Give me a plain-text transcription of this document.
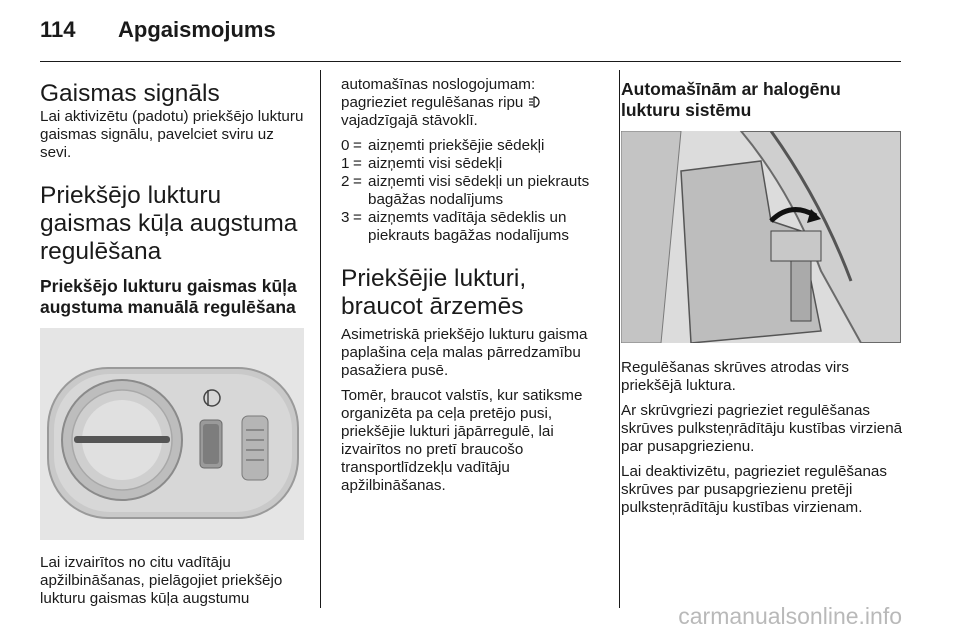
114 Apgaismojums
Gaismas signāls

Lai aktivizētu (padotu) priekšējo lukturu gaismas signālu, pavelciet sviru uz sevi.

Priekšējo lukturu gaismas kūļa augstuma regulēšana
Priekšējo lukturu gaismas kūļa augstuma manuālā regulēšana

Lai izvairītos no citu vadītāju apžilbināšanas, pielāgojiet priekšējo lukturu gaismas kūļa augstumu

automašīnas noslogojumam:
pagrieziet regulēšanas ripu
vajadzīgajā stāvoklī.

0 = aizņemti priekšējie sēdekļi
1 = aizņemti visi sēdekļi
2 = aizņemti visi sēdekļi un piekrauts bagāžas nodalījums
3 = aizņemts vadītāja sēdeklis un piekrauts bagāžas nodalījums
Priekšējie lukturi, braucot ārzemēs

Asimetriskā priekšējo lukturu gaisma paplašina ceļa malas pārredzamību pasažiera pusē.

Tomēr, braucot valstīs, kur satiksme organizēta pa ceļa pretējo pusi, priekšējie lukturi jāpārregulē, lai izvairītos no pretī braucošo transportlīdzekļu vadītāju apžilbināšanas.

Automašīnām ar halogēnu lukturu sistēmu

Regulēšanas skrūves atrodas virs priekšējā luktura.

Ar skrūvgriezi pagrieziet regulēšanas skrūves pulksteņrādītāju kustības virzienā par pusapgriezienu.

Lai deaktivizētu, pagrieziet regulēšanas skrūves par pusapgriezienu pretēji pulksteņrādītāju kustības virzienam.

carmanualsonline.info
